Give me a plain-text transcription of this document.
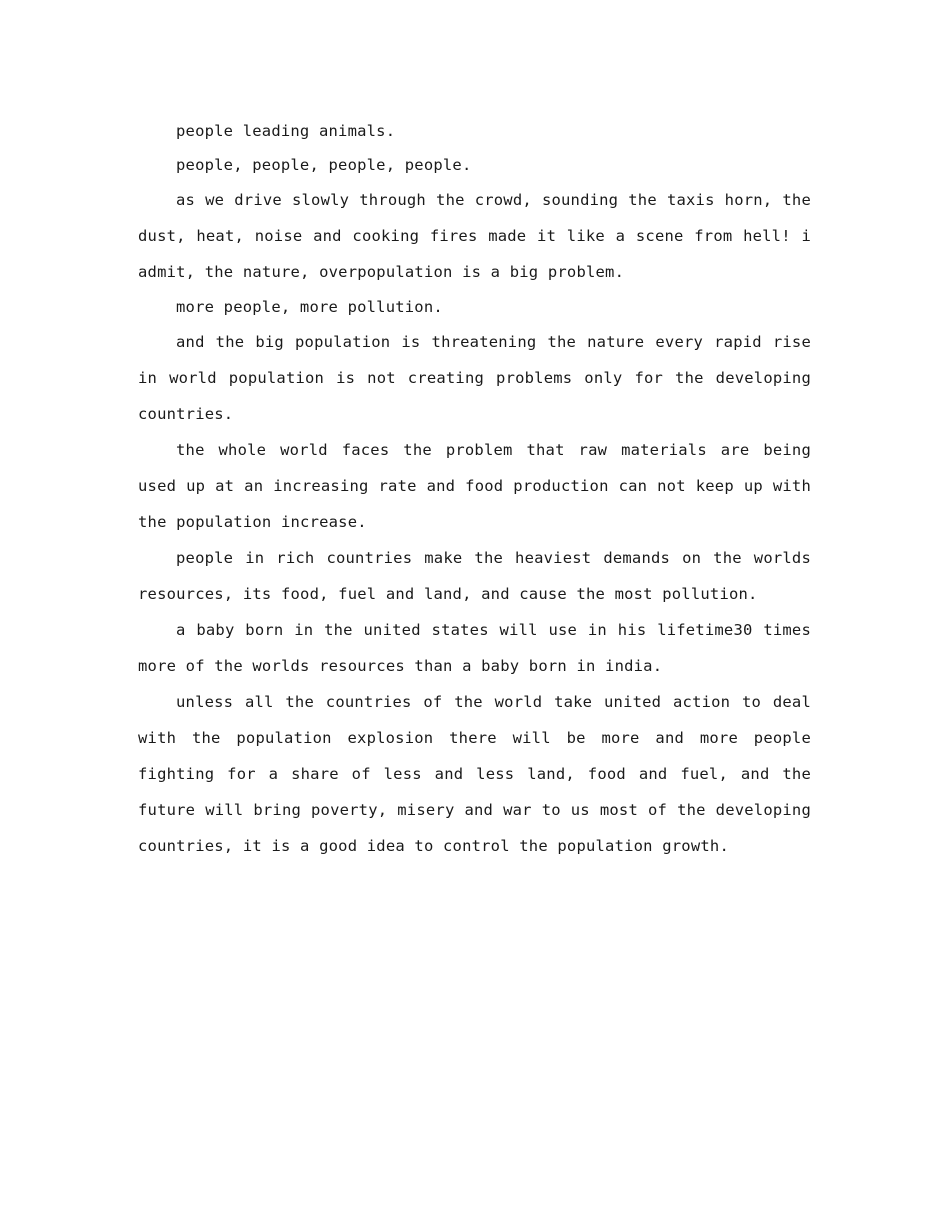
people leading animals.

people, people, people, people.

as we drive slowly through the crowd, sounding the taxis horn, the dust, heat, noise and cooking fires made it like a scene from hell! i admit, the nature, overpopulation is a big problem.

more people, more pollution.

and the big population is threatening the nature every rapid rise in world population is not creating problems only for the developing countries.

the whole world faces the problem that raw materials are being used up at an increasing rate and food production can not keep up with the population increase.

people in rich countries make the heaviest demands on the worlds resources, its food, fuel and land, and cause the most pollution.

a baby born in the united states will use in his lifetime30 times more of the worlds resources than a baby born in india.

unless all the countries of the world take united action to deal with the population explosion there will be more and more people fighting for a share of less and less land, food and fuel, and the future will bring poverty, misery and war to us most of the developing countries, it is a good idea to control the population growth.
